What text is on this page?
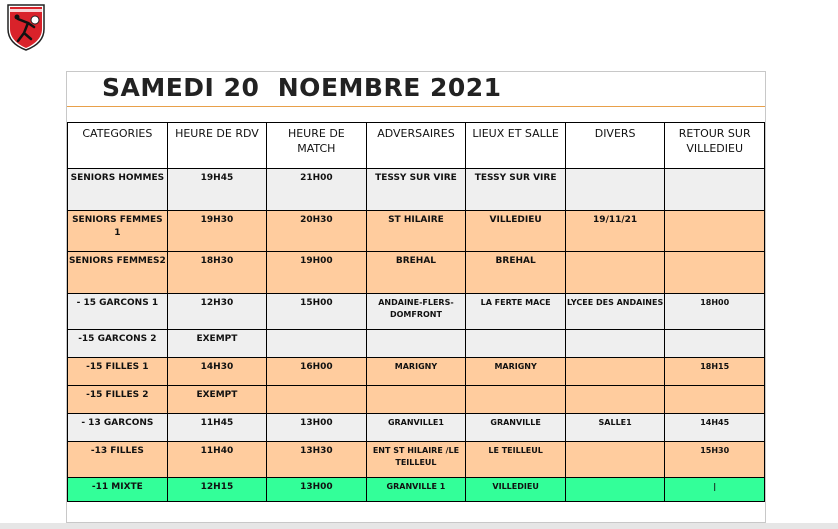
SAMEDI 20  NOEMBRE 2021
CATEGORIES	HEURE DE RDV	HEURE DE MATCH	ADVERSAIRES	LIEUX ET SALLE	DIVERS	RETOUR SUR VILLEDIEU
SENIORS HOMMES	19H45	21H00	TESSY SUR VIRE	TESSY SUR VIRE		
SENIORS FEMMES 1	19H30	20H30	ST HILAIRE	VILLEDIEU	19/11/21	
SENIORS FEMMES2	18H30	19H00	BREHAL	BREHAL		
- 15 GARCONS 1	12H30	15H00	ANDAINE-FLERS-DOMFRONT	LA FERTE MACE	LYCEE DES ANDAINES	18H00
-15 GARCONS 2	EXEMPT					
-15 FILLES 1	14H30	16H00	MARIGNY	MARIGNY		18H15
-15 FILLES 2	EXEMPT					
- 13 GARCONS	11H45	13H00	GRANVILLE1	GRANVILLE	SALLE1	14H45
-13 FILLES	11H40	13H30	ENT ST HILAIRE /LE TEILLEUL	LE TEILLEUL		15H30
-11 MIXTE	12H15	13H00	GRANVILLE 1	VILLEDIEU		|
